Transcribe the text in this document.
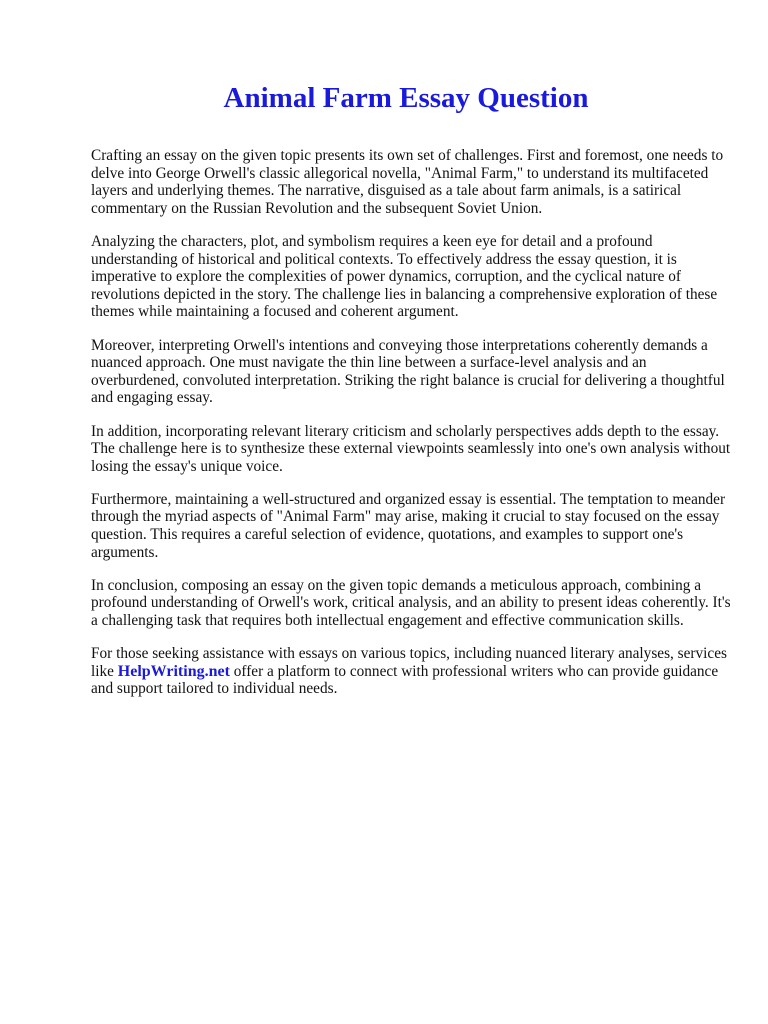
Animal Farm Essay Question

Crafting an essay on the given topic presents its own set of challenges. First and foremost, one needs to delve into George Orwell's classic allegorical novella, "Animal Farm," to understand its multifaceted layers and underlying themes. The narrative, disguised as a tale about farm animals, is a satirical commentary on the Russian Revolution and the subsequent Soviet Union.

Analyzing the characters, plot, and symbolism requires a keen eye for detail and a profound understanding of historical and political contexts. To effectively address the essay question, it is imperative to explore the complexities of power dynamics, corruption, and the cyclical nature of revolutions depicted in the story. The challenge lies in balancing a comprehensive exploration of these themes while maintaining a focused and coherent argument.

Moreover, interpreting Orwell's intentions and conveying those interpretations coherently demands a nuanced approach. One must navigate the thin line between a surface-level analysis and an overburdened, convoluted interpretation. Striking the right balance is crucial for delivering a thoughtful and engaging essay.

In addition, incorporating relevant literary criticism and scholarly perspectives adds depth to the essay. The challenge here is to synthesize these external viewpoints seamlessly into one's own analysis without losing the essay's unique voice.

Furthermore, maintaining a well-structured and organized essay is essential. The temptation to meander through the myriad aspects of "Animal Farm" may arise, making it crucial to stay focused on the essay question. This requires a careful selection of evidence, quotations, and examples to support one's arguments.

In conclusion, composing an essay on the given topic demands a meticulous approach, combining a profound understanding of Orwell's work, critical analysis, and an ability to present ideas coherently. It's a challenging task that requires both intellectual engagement and effective communication skills.

For those seeking assistance with essays on various topics, including nuanced literary analyses, services like HelpWriting.net offer a platform to connect with professional writers who can provide guidance and support tailored to individual needs.
